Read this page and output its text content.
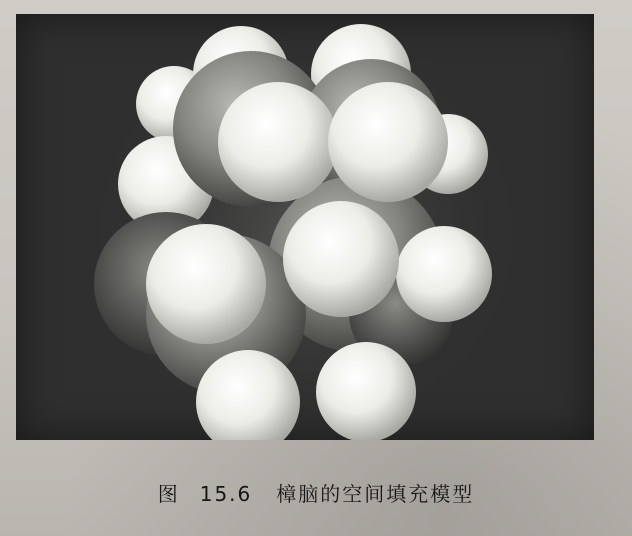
图 15.6 樟脑的空间填充模型
